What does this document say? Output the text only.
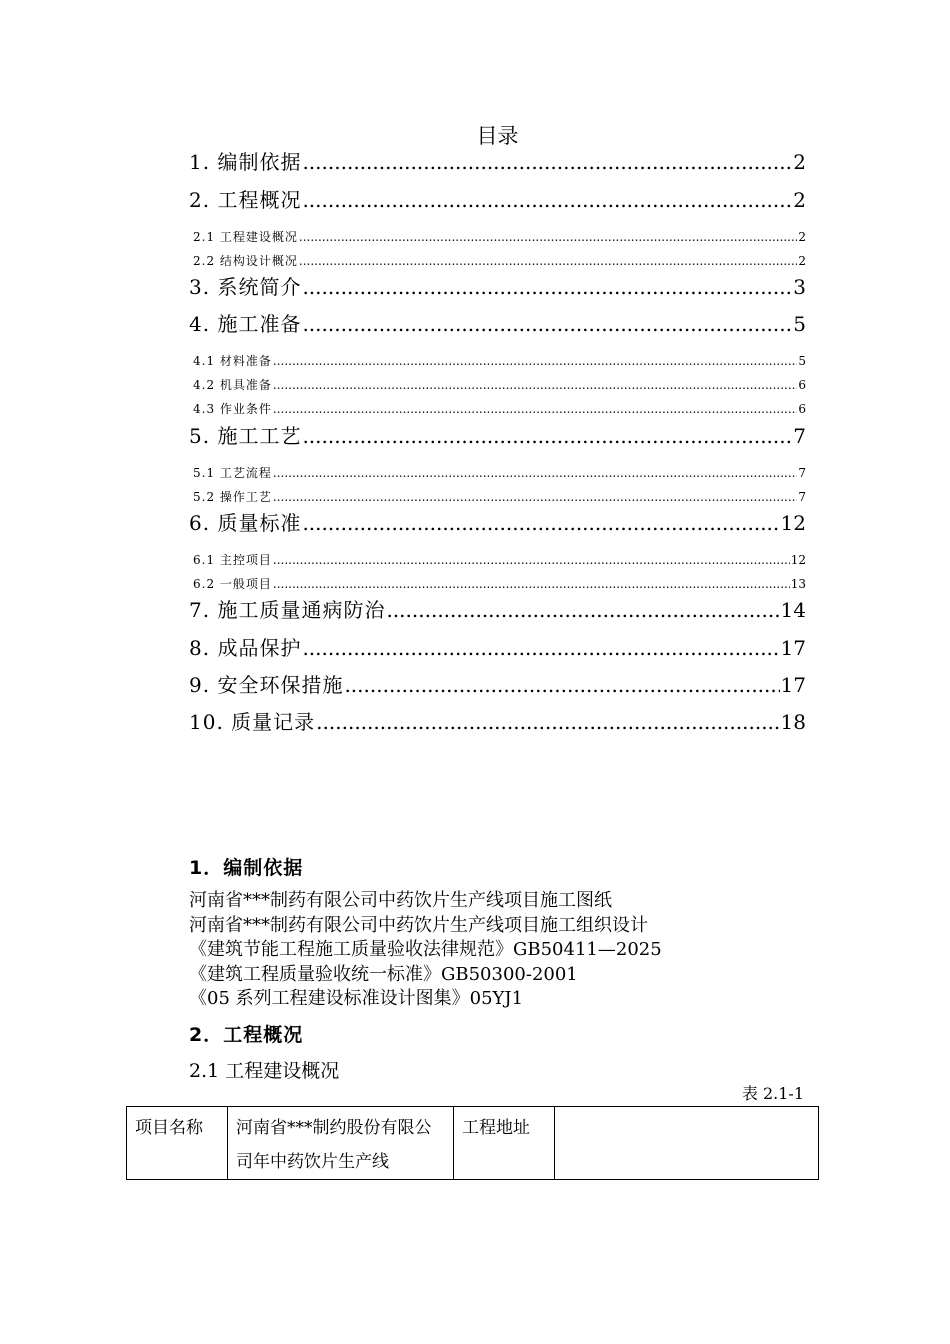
目录
1. 编制依据 .....	2
2. 工程概况 .....	2
2.1 工程建设概况 .....	2
2.2 结构设计概况 .....	2
3. 系统简介 .....	3
4. 施工准备 .....	5
4.1 材料准备 .....	5
4.2 机具准备 .....	6
4.3 作业条件 .....	6
5. 施工工艺 .....	7
5.1 工艺流程 .....	7
5.2 操作工艺 .....	7
6. 质量标准 .....	12
6.1 主控项目 .....	12
6.2 一般项目 .....	13
7. 施工质量通病防治 .....	14
8. 成品保护 .....	17
9. 安全环保措施 .....	17
10. 质量记录 .....	18
1．编制依据
河南省***制药有限公司中药饮片生产线项目施工图纸
河南省***制药有限公司中药饮片生产线项目施工组织设计
《建筑节能工程施工质量验收法律规范》GB50411—2025
《建筑工程质量验收统一标准》GB50300-2001
《05 系列工程建设标准设计图集》05YJ1
2．工程概况
2.1 工程建设概况
表 2.1-1
项目名称	河南省***制约股份有限公司年中药饮片生产线	工程地址	
